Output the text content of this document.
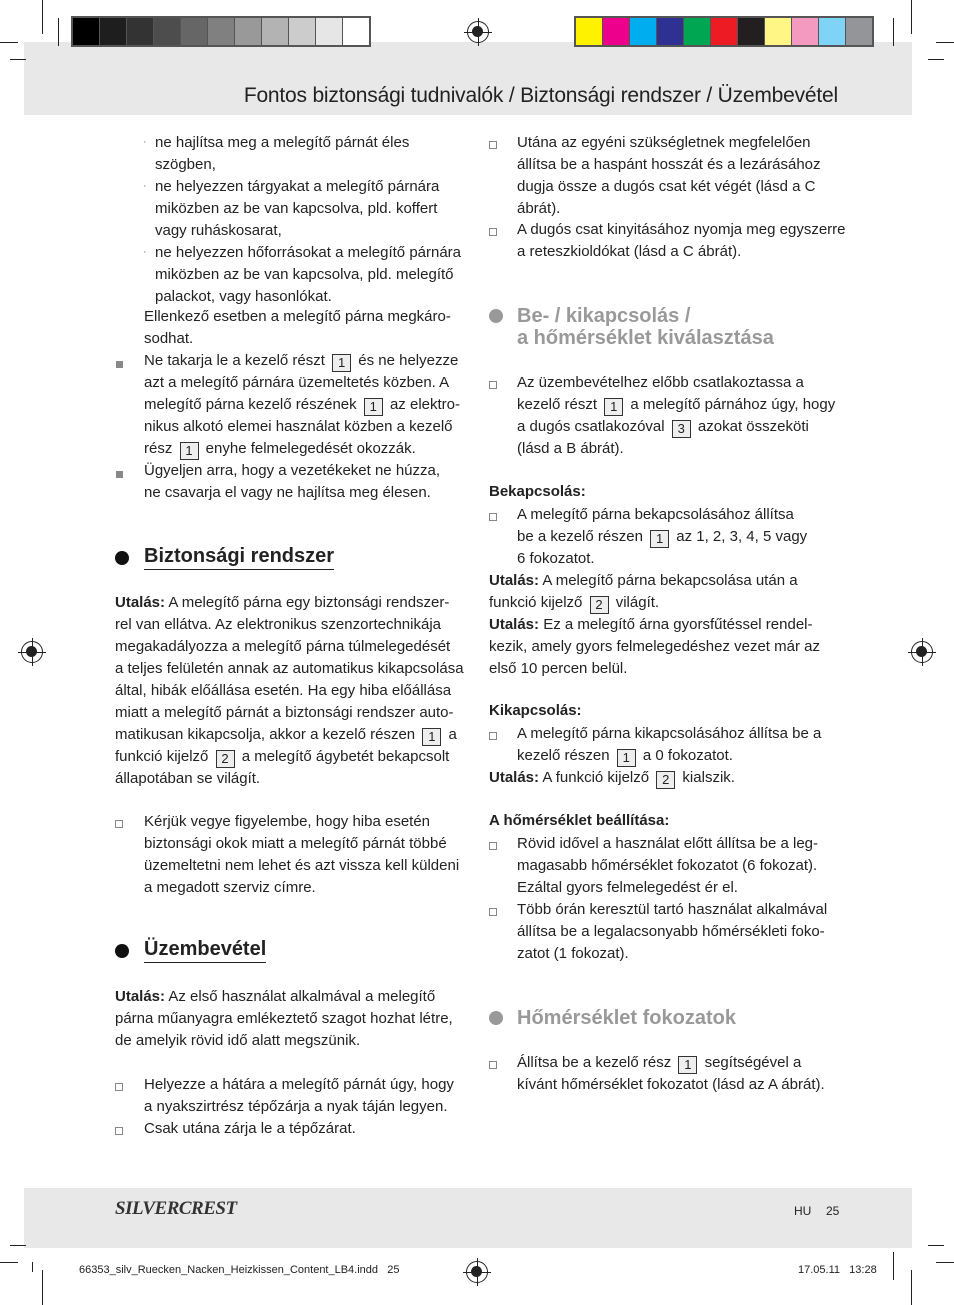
Fontos biztonsági tudnivalók / Biztonsági rendszer / Üzembevétel
· ne hajlítsa meg a melegítő párnát éles
szögben,
· ne helyezzen tárgyakat a melegítő párnára
miközben az be van kapcsolva, pld. koffert
vagy ruháskosarat,
· ne helyezzen hőforrásokat a melegítő párnára
miközben az be van kapcsolva, pld. melegítő
palackot, vagy hasonlókat.
Ellenkező esetben a melegítő párna megkáro-
sodhat.
Ne takarja le a kezelő részt 1 és ne helyezze
azt a melegítő párnára üzemeltetés közben. A
melegítő párna kezelő részének 1 az elektro-
nikus alkotó elemei használat közben a kezelő
rész 1 enyhe felmelegedését okozzák.
Ügyeljen arra, hogy a vezetékeket ne húzza,
ne csavarja el vagy ne hajlítsa meg élesen.
Biztonsági rendszer
Utalás: A melegítő párna egy biztonsági rendszer-
rel van ellátva. Az elektronikus szenzortechnikája
megakadályozza a melegítő párna túlmelegedését
a teljes felületén annak az automatikus kikapcsolása
által, hibák előállása esetén. Ha egy hiba előállása
miatt a melegítő párnát a biztonsági rendszer auto-
matikusan kikapcsolja, akkor a kezelő részen 1 a
funkció kijelző 2 a melegítő ágybetét bekapcsolt
állapotában se világít.
Kérjük vegye figyelembe, hogy hiba esetén
biztonsági okok miatt a melegítő párnát többé
üzemeltetni nem lehet és azt vissza kell küldeni
a megadott szerviz címre.
Üzembevétel
Utalás: Az első használat alkalmával a melegítő
párna műanyagra emlékeztető szagot hozhat létre,
de amelyik rövid idő alatt megszünik.
Helyezze a hátára a melegítő párnát úgy, hogy
a nyakszirtrész tépőzárja a nyak táján legyen.
Csak utána zárja le a tépőzárat.
Utána az egyéni szükségletnek megfelelően
állítsa be a haspánt hosszát és a lezárásához
dugja össze a dugós csat két végét (lásd a C
ábrát).
A dugós csat kinyitásához nyomja meg egyszerre
a reteszkioldókat (lásd a C ábrát).
Be- / kikapcsolás /
a hőmérséklet kiválasztása
Az üzembevételhez előbb csatlakoztassa a
kezelő részt 1 a melegítő párnához úgy, hogy
a dugós csatlakozóval 3 azokat összeköti
(lásd a B ábrát).
Bekapcsolás:
A melegítő párna bekapcsolásához állítsa
be a kezelő részen 1 az 1, 2, 3, 4, 5 vagy
6 fokozatot.
Utalás: A melegítő párna bekapcsolása után a
funkció kijelző 2 világít.
Utalás: Ez a melegítő árna gyorsfűtéssel rendel-
kezik, amely gyors felmelegedéshez vezet már az
első 10 percen belül.
Kikapcsolás:
A melegítő párna kikapcsolásához állítsa be a
kezelő részen 1 a 0 fokozatot.
Utalás: A funkció kijelző 2 kialszik.
A hőmérséklet beállítása:
Rövid idővel a használat előtt állítsa be a leg-
magasabb hőmérséklet fokozatot (6 fokozat).
Ezáltal gyors felmelegedést ér el.
Több órán keresztül tartó használat alkalmával
állítsa be a legalacsonyabb hőmérsékleti foko-
zatot (1 fokozat).
Hőmérséklet fokozatok
Állítsa be a kezelő rész 1 segítségével a
kívánt hőmérséklet fokozatot (lásd az A ábrát).
SILVERCREST	HU 25
66353_silv_Ruecken_Nacken_Heizkissen_Content_LB4.indd   25	17.05.11   13:28
